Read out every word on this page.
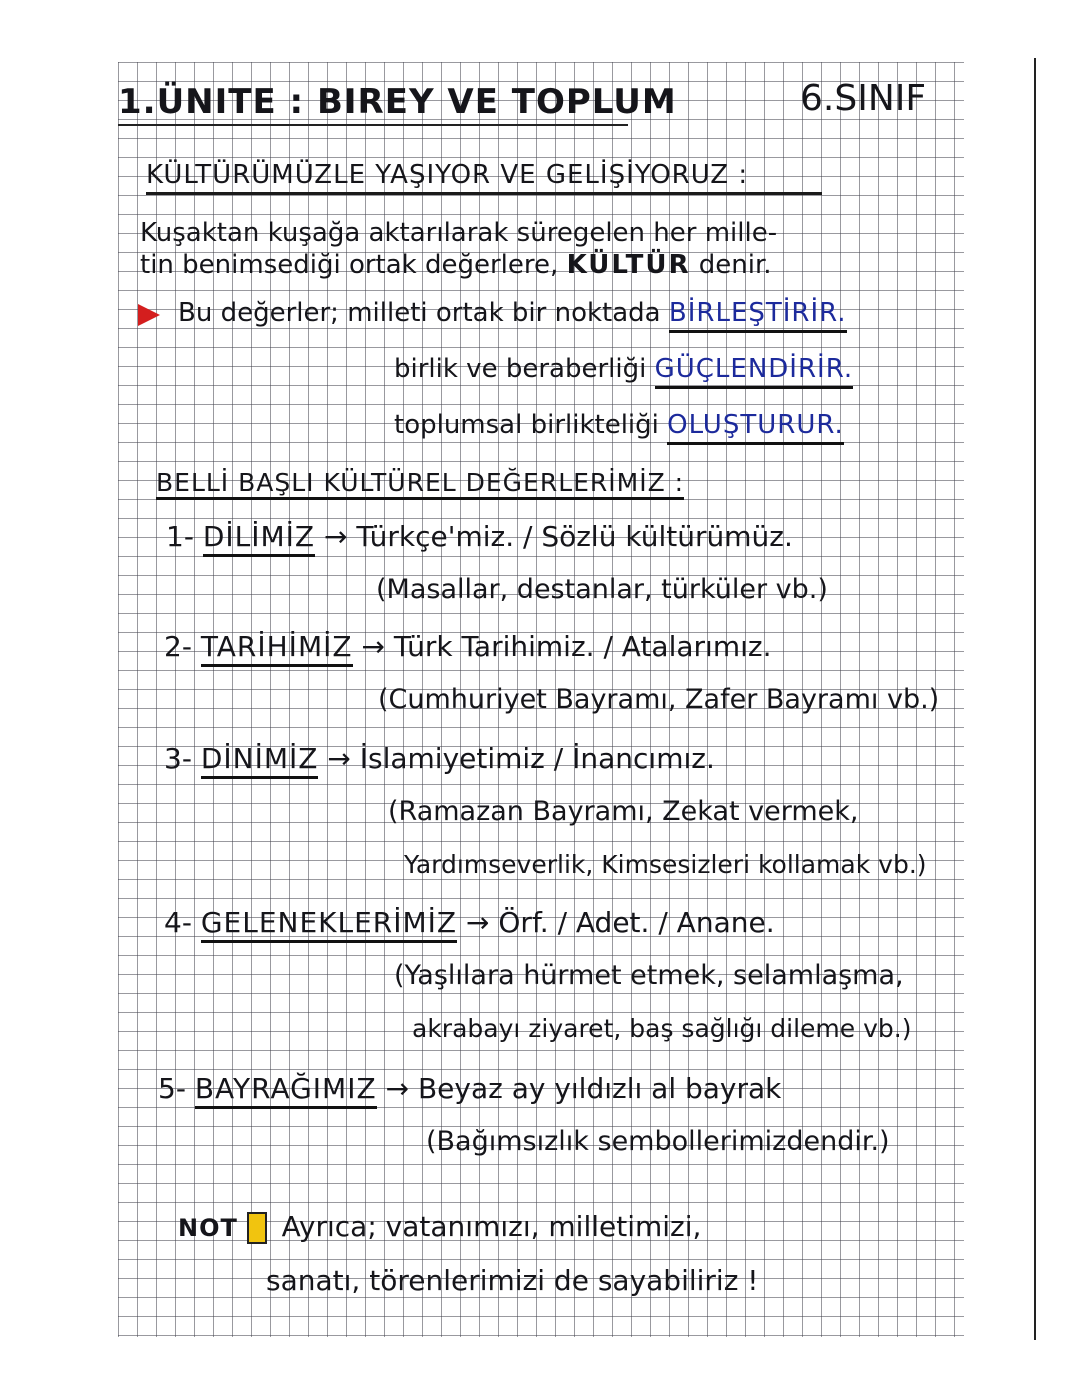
1.ÜNITE : BIREY VE TOPLUM	6.SINIF
KÜLTÜRÜMÜZLE YAŞIYOR VE GELİŞİYORUZ :
Kuşaktan kuşağa aktarılarak süregelen her mille-
tin benimsediği ortak değerlere, KÜLTÜR denir.
Bu değerler; milleti ortak bir noktada BİRLEŞTİRİR.
birlik ve beraberliği GÜÇLENDİRİR.
toplumsal birlikteliği OLUŞTURUR.
BELLİ BAŞLI KÜLTÜREL DEĞERLERİMİZ :
1- DİLİMİZ → Türkçe'miz. / Sözlü kültürümüz.
(Masallar, destanlar, türküler vb.)
2- TARİHİMİZ → Türk Tarihimiz. / Atalarımız.
(Cumhuriyet Bayramı, Zafer Bayramı vb.)
3- DİNİMİZ → İslamiyetimiz / İnancımız.
(Ramazan Bayramı, Zekat vermek,
Yardımseverlik, Kimsesizleri kollamak vb.)
4- GELENEKLERİMİZ → Örf. / Adet. / Anane.
(Yaşlılara hürmet etmek, selamlaşma,
akrabayı ziyaret, baş sağlığı dileme vb.)
5- BAYRAĞIMIZ → Beyaz ay yıldızlı al bayrak
(Bağımsızlık sembollerimizdendir.)
NOT Ayrıca; vatanımızı, milletimizi,
sanatı, törenlerimizi de sayabiliriz !
